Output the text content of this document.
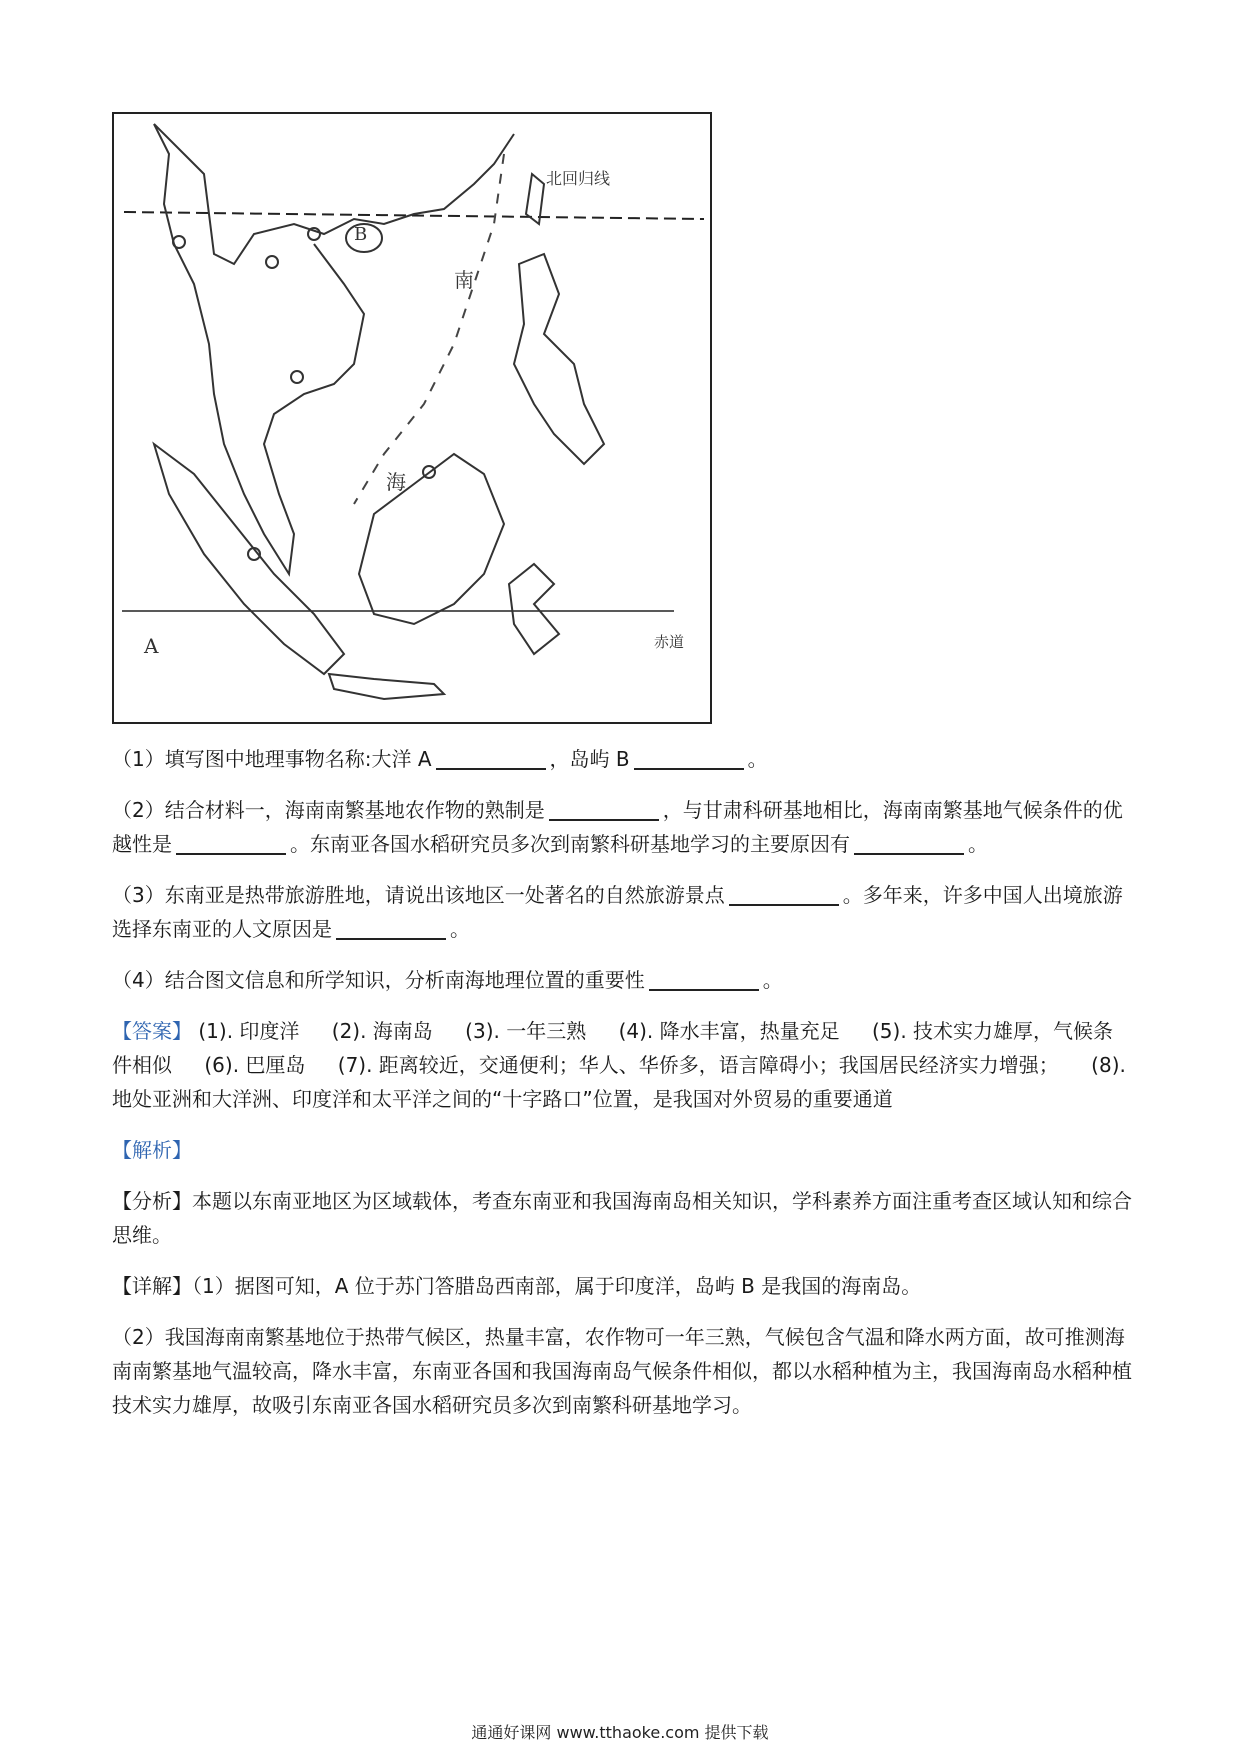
北回归线
B
南
海
A	赤道

（1）填写图中地理事物名称:大洋 A	，岛屿 B	。

（2）结合材料一，海南南繁基地农作物的熟制是	，与甘肃科研基地相比，海南南繁基地气候条件的优越性是	。东南亚各国水稻研究员多次到南繁科研基地学习的主要原因有	。

（3）东南亚是热带旅游胜地，请说出该地区一处著名的自然旅游景点	。多年来，许多中国人出境旅游选择东南亚的人文原因是	。

（4）结合图文信息和所学知识，分析南海地理位置的重要性	。

【答案】 (1). 印度洋 (2). 海南岛 (3). 一年三熟 (4). 降水丰富，热量充足 (5). 技术实力雄厚，气候条件相似 (6). 巴厘岛 (7). 距离较近，交通便利；华人、华侨多，语言障碍小；我国居民经济实力增强； (8). 地处亚洲和大洋洲、印度洋和太平洋之间的“十字路口”位置，是我国对外贸易的重要通道

【解析】

【分析】本题以东南亚地区为区域载体，考查东南亚和我国海南岛相关知识，学科素养方面注重考查区域认知和综合思维。

【详解】（1）据图可知，A 位于苏门答腊岛西南部，属于印度洋，岛屿 B 是我国的海南岛。

（2）我国海南南繁基地位于热带气候区，热量丰富，农作物可一年三熟，气候包含气温和降水两方面，故可推测海南南繁基地气温较高，降水丰富，东南亚各国和我国海南岛气候条件相似，都以水稻种植为主，我国海南岛水稻种植技术实力雄厚，故吸引东南亚各国水稻研究员多次到南繁科研基地学习。

通通好课网 www.tthaoke.com 提供下载
